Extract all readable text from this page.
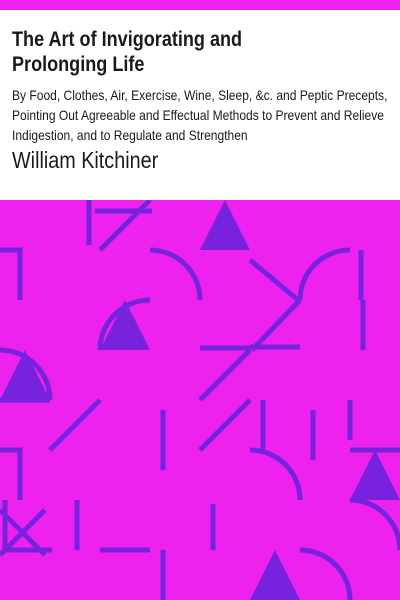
The Art of Invigorating and Prolonging Life

By Food, Clothes, Air, Exercise, Wine, Sleep, &c. and Peptic Precepts, Pointing Out Agreeable and Effectual Methods to Prevent and Relieve Indigestion, and to Regulate and Strengthen

William Kitchiner
